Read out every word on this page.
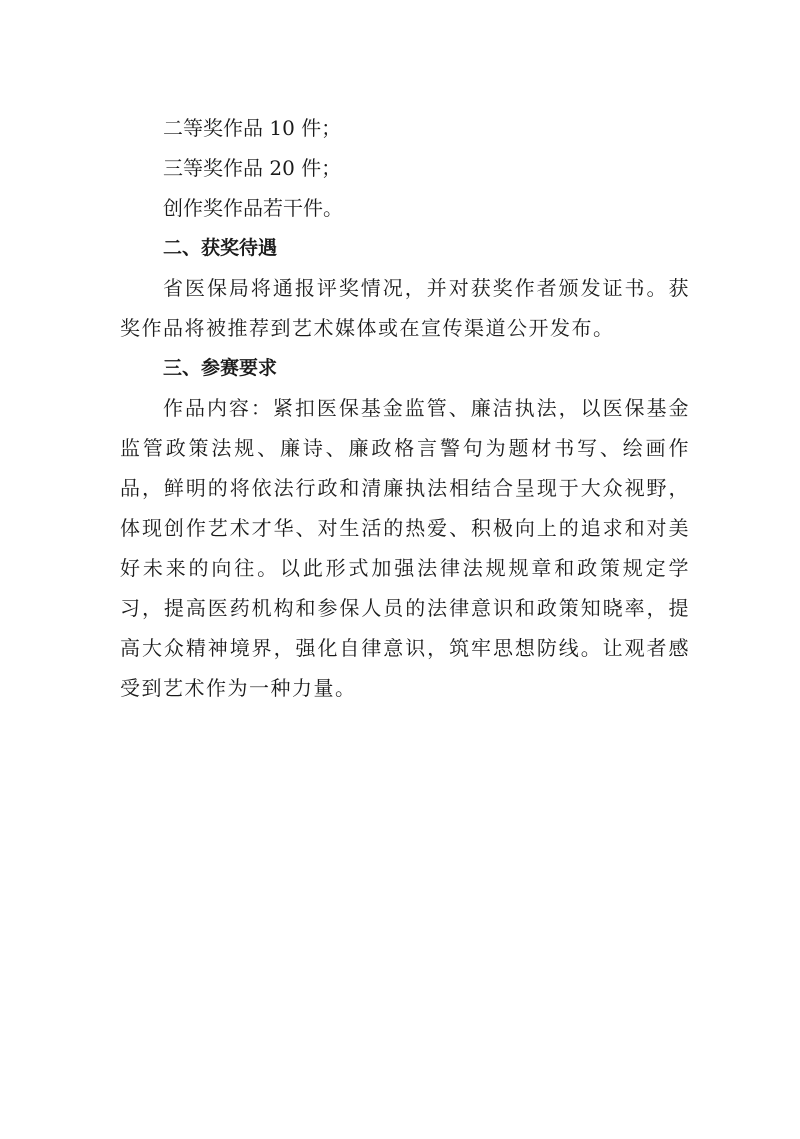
二等奖作品 10 件；
三等奖作品 20 件；
创作奖作品若干件。
二、获奖待遇
省医保局将通报评奖情况，并对获奖作者颁发证书。获奖作品将被推荐到艺术媒体或在宣传渠道公开发布。
三、参赛要求
作品内容：紧扣医保基金监管、廉洁执法，以医保基金监管政策法规、廉诗、廉政格言警句为题材书写、绘画作品，鲜明的将依法行政和清廉执法相结合呈现于大众视野，体现创作艺术才华、对生活的热爱、积极向上的追求和对美好未来的向往。以此形式加强法律法规规章和政策规定学习，提高医药机构和参保人员的法律意识和政策知晓率，提高大众精神境界，强化自律意识，筑牢思想防线。让观者感受到艺术作为一种力量。
